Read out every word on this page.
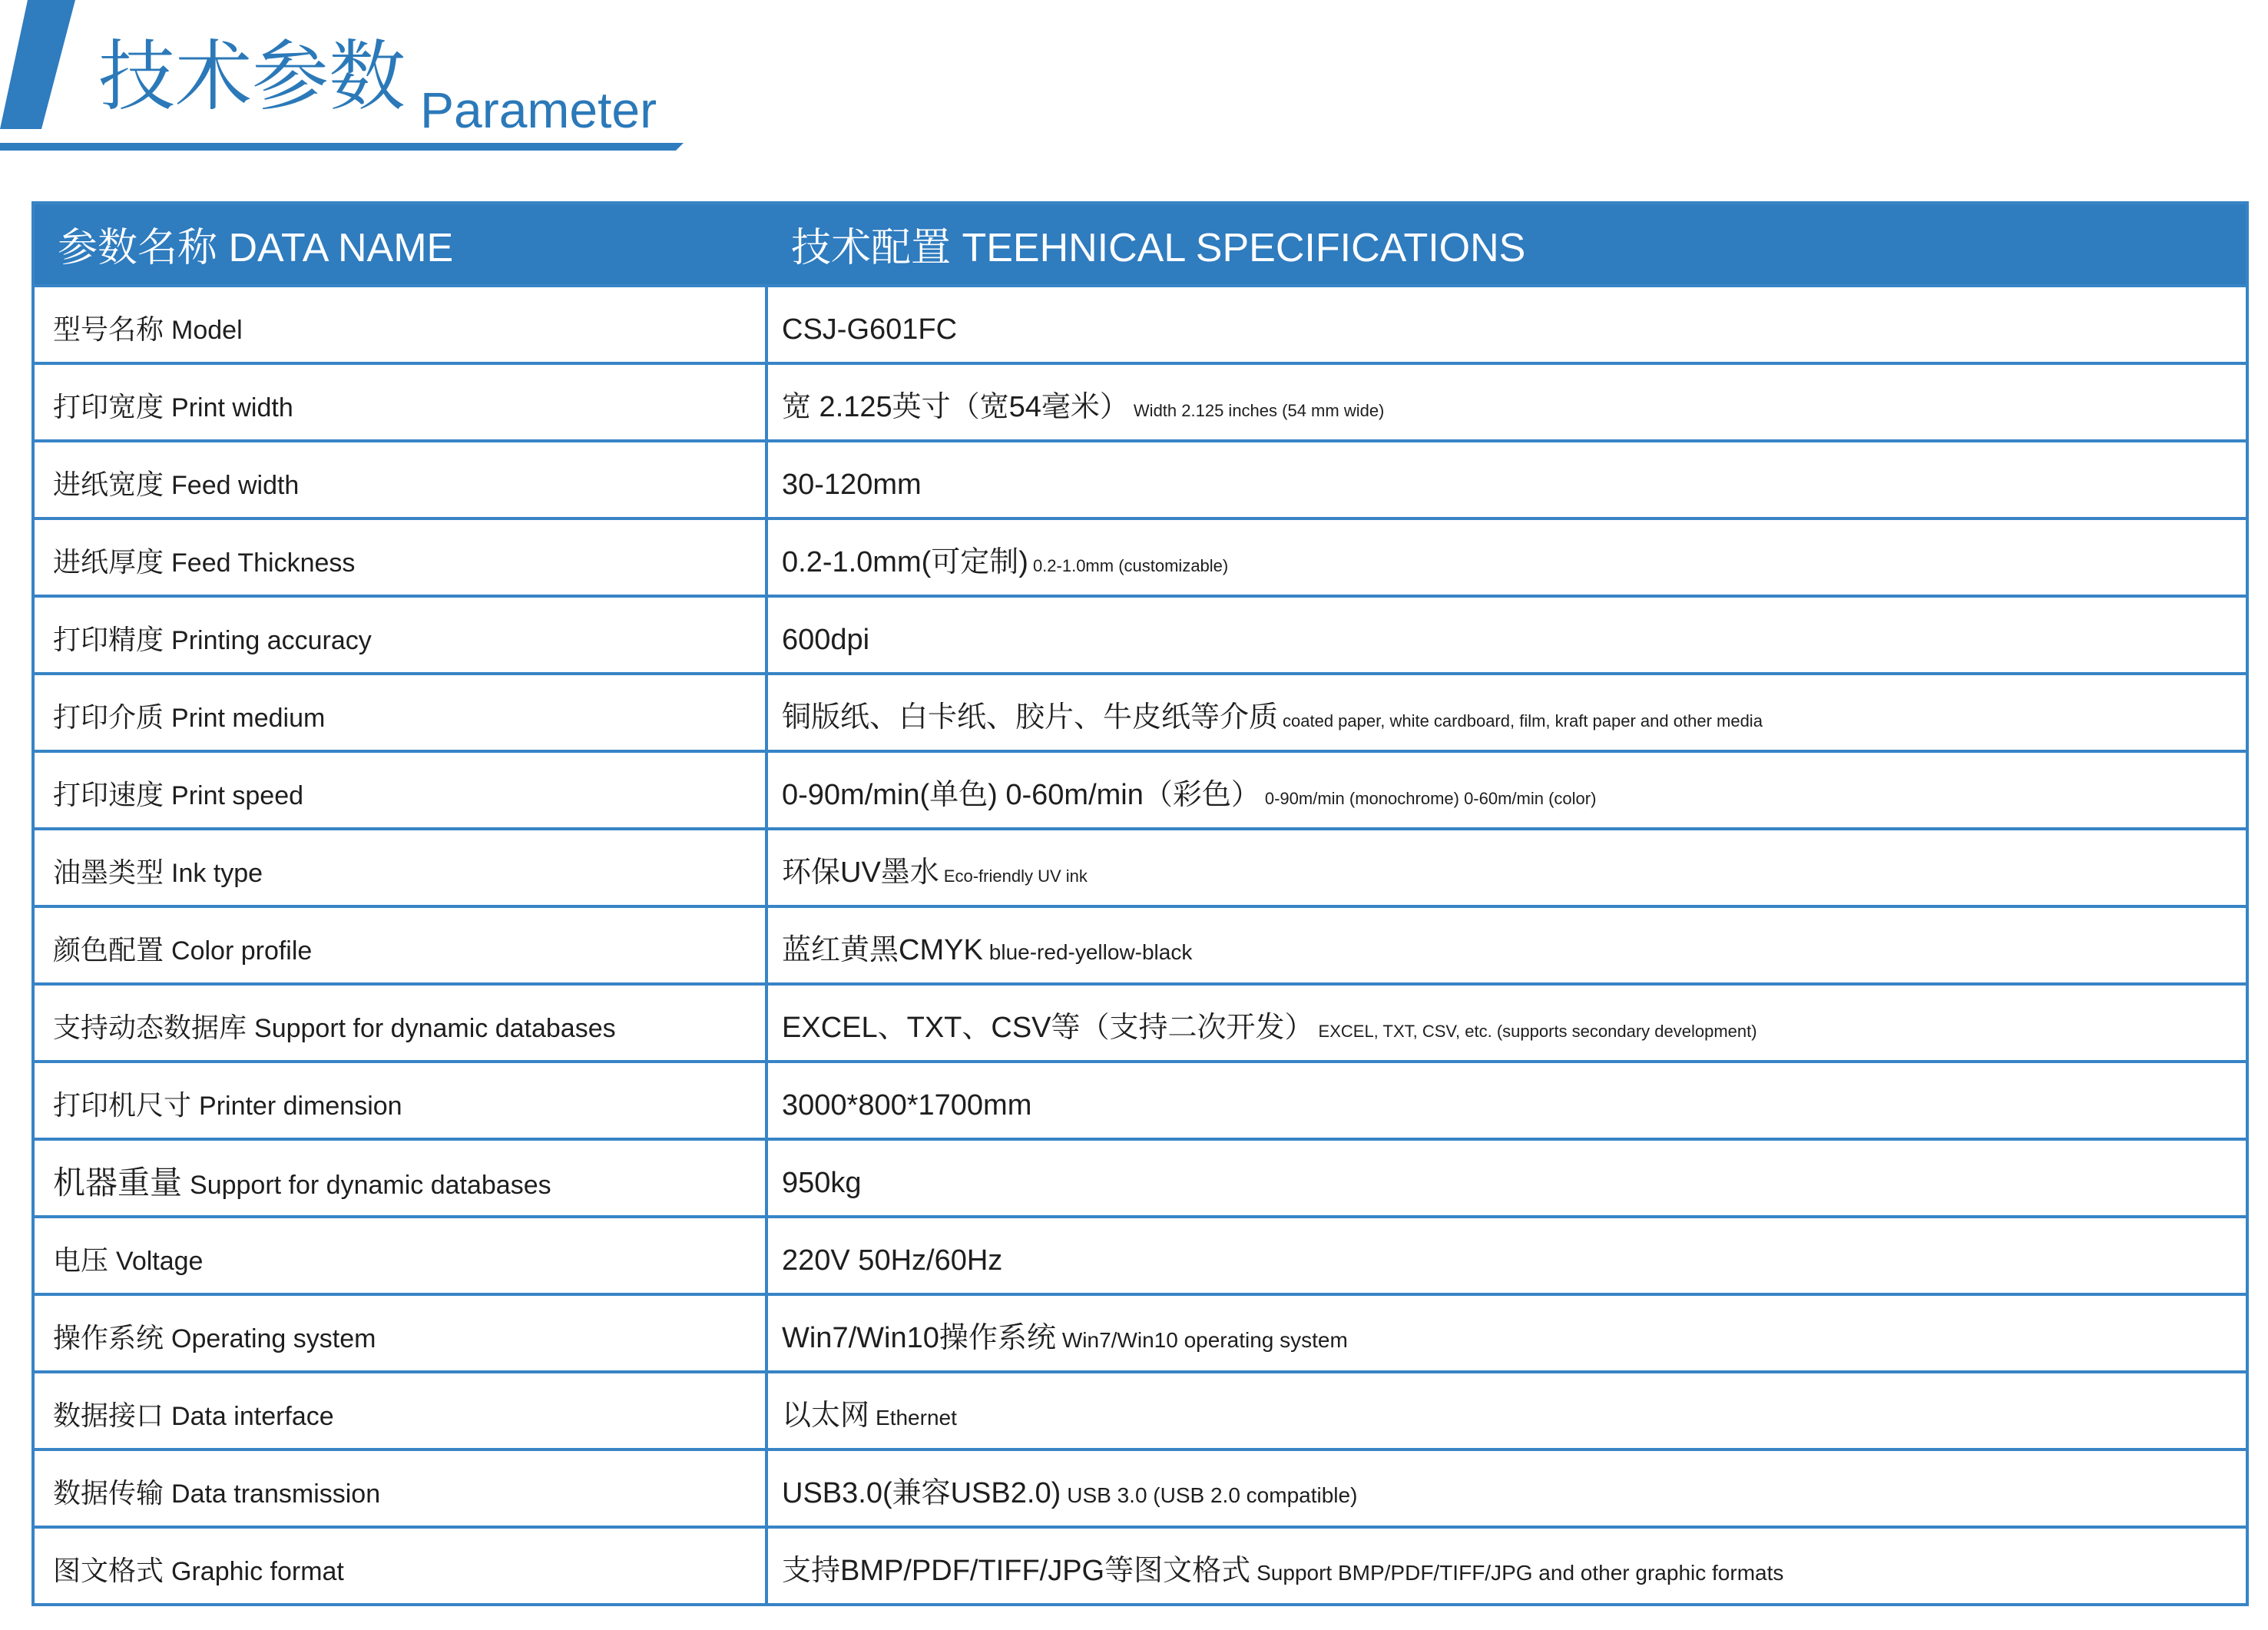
技术参数 Parameter
参数名称 DATA NAME	技术配置 TEEHNICAL SPECIFICATIONS
型号名称 Model	CSJ-G601FC
打印宽度 Print width	宽 2.125英寸（宽54毫米） Width 2.125 inches (54 mm wide)
进纸宽度 Feed width	30-120mm
进纸厚度 Feed Thickness	0.2-1.0mm(可定制) 0.2-1.0mm (customizable)
打印精度 Printing accuracy	600dpi
打印介质 Print medium	铜版纸、白卡纸、胶片、牛皮纸等介质 coated paper, white cardboard, film, kraft paper and other media
打印速度 Print speed	0-90m/min(单色) 0-60m/min（彩色） 0-90m/min (monochrome) 0-60m/min (color)
油墨类型 Ink type	环保UV墨水 Eco-friendly UV ink
颜色配置 Color profile	蓝红黄黑CMYK blue-red-yellow-black
支持动态数据库 Support for dynamic databases	EXCEL、TXT、CSV等（支持二次开发） EXCEL, TXT, CSV, etc. (supports secondary development)
打印机尺寸 Printer dimension	3000*800*1700mm
机器重量 Support for dynamic databases	950kg
电压 Voltage	220V 50Hz/60Hz
操作系统 Operating system	Win7/Win10操作系统 Win7/Win10 operating system
数据接口 Data interface	以太网 Ethernet
数据传输 Data transmission	USB3.0(兼容USB2.0) USB 3.0 (USB 2.0 compatible)
图文格式 Graphic format	支持BMP/PDF/TIFF/JPG等图文格式 Support BMP/PDF/TIFF/JPG and other graphic formats
